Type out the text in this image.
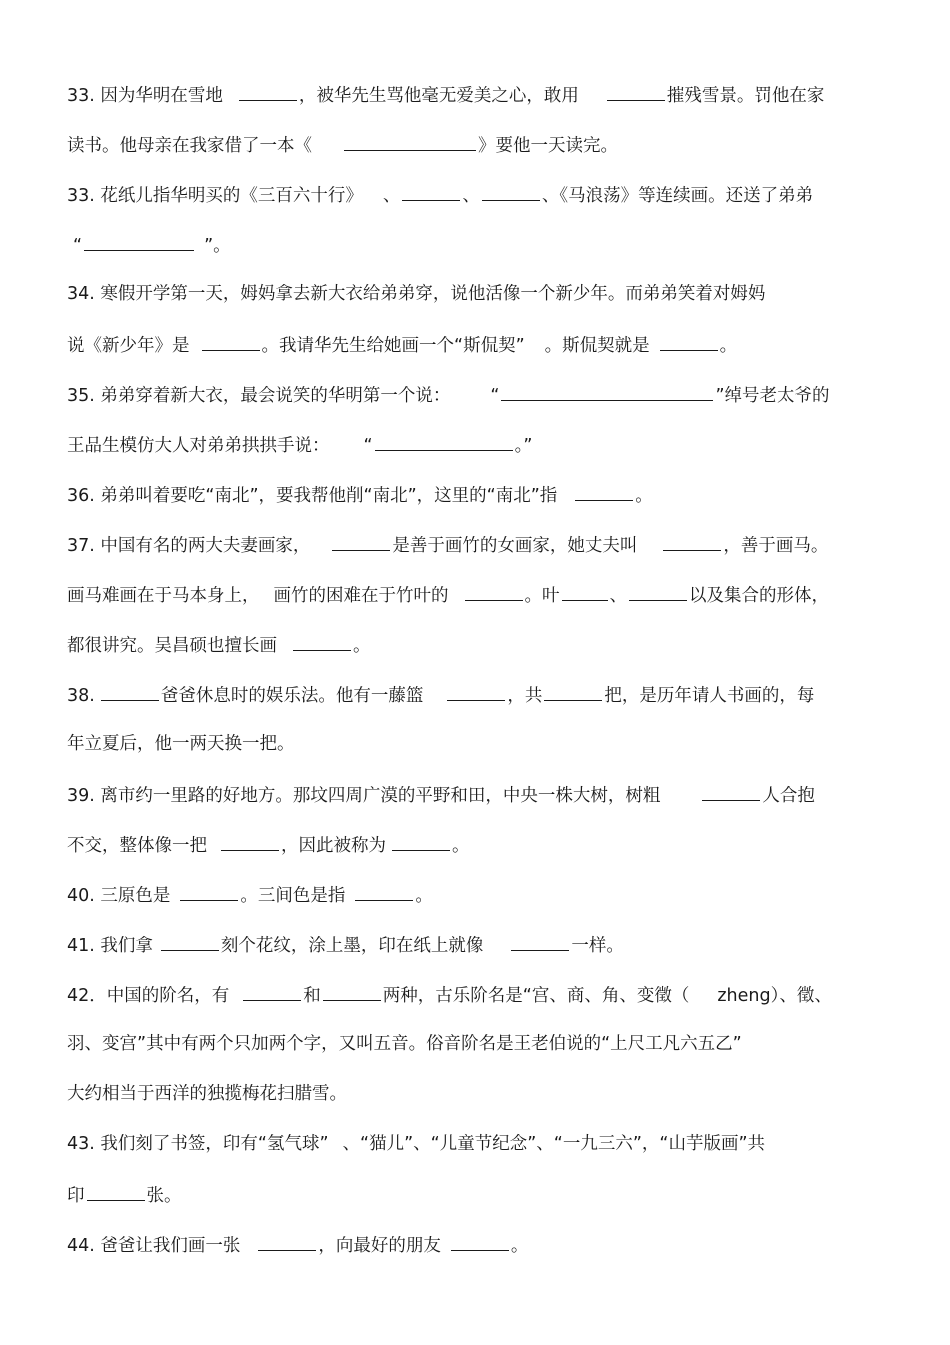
33. 因为华明在雪地	，被华先生骂他毫无爱美之心，敢用	摧残雪景。罚他在家
读书。他母亲在我家借了一本《	》要他一天读完。
33. 花纸儿指华明买的《三百六十行》 、	、	、《马浪荡》等连续画。还送了弟弟
“	”。
34. 寒假开学第一天，姆妈拿去新大衣给弟弟穿，说他活像一个新少年。而弟弟笑着对姆妈
说《新少年》是	。我请华先生给她画一个“斯侃契” 。斯侃契就是	。
35. 弟弟穿着新大衣，最会说笑的华明第一个说： “	”绰号老太爷的
王品生模仿大人对弟弟拱拱手说： “	。”
36. 弟弟叫着要吃“南北”，要我帮他削“南北”，这里的“南北”指	。
37. 中国有名的两大夫妻画家，	是善于画竹的女画家，她丈夫叫	，善于画马。
画马难画在于马本身上， 画竹的困难在于竹叶的	。叶	、	以及集合的形体，
都很讲究。吴昌硕也擅长画	。
38.	爸爸休息时的娱乐法。他有一藤篮	，共	把，是历年请人书画的，每
年立夏后，他一两天换一把。
39. 离市约一里路的好地方。那坟四周广漠的平野和田，中央一株大树，树粗	人合抱
不交，整体像一把	，因此被称为	。
40. 三原色是	。三间色是指	。
41. 我们拿	刻个花纹，涂上墨，印在纸上就像	一样。
42．中国的阶名，有	和	两种，古乐阶名是“宫、商、角、变徵（ zheng）、徵、
羽、变宫”其中有两个只加两个字，又叫五音。俗音阶名是王老伯说的“上尺工凡六五乙”
大约相当于西洋的独揽梅花扫腊雪。
43. 我们刻了书签，印有“氢气球” 、“猫儿”、“儿童节纪念”、“一九三六”，“山芋版画”共
印	张。
44. 爸爸让我们画一张	，向最好的朋友	。
